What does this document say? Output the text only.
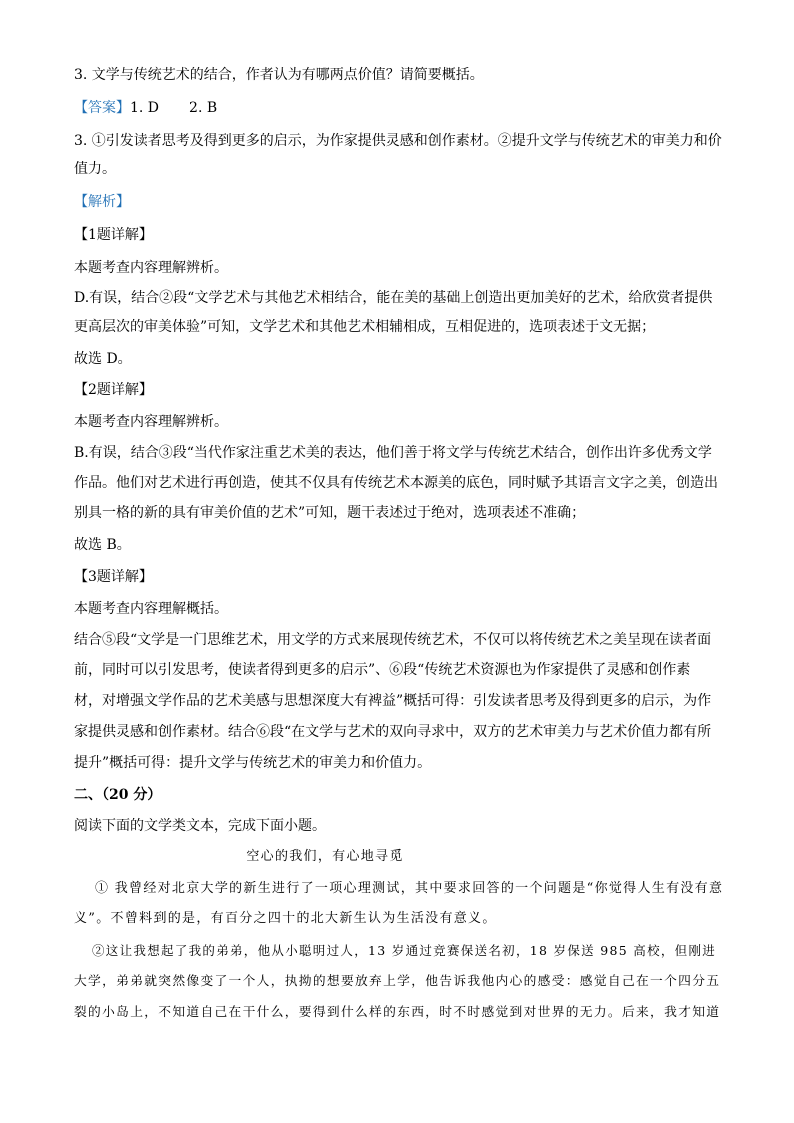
3. 文学与传统艺术的结合，作者认为有哪两点价值？请简要概括。
【答案】1. D 2. B
3. ①引发读者思考及得到更多的启示，为作家提供灵感和创作素材。②提升文学与传统艺术的审美力和价
值力。
【解析】
【1题详解】
本题考查内容理解辨析。
D.有误，结合②段“文学艺术与其他艺术相结合，能在美的基础上创造出更加美好的艺术，给欣赏者提供
更高层次的审美体验”可知，文学艺术和其他艺术相辅相成，互相促进的，选项表述于文无据；
故选 D。
【2题详解】
本题考查内容理解辨析。
B.有误，结合③段“当代作家注重艺术美的表达，他们善于将文学与传统艺术结合，创作出许多优秀文学
作品。他们对艺术进行再创造，使其不仅具有传统艺术本源美的底色，同时赋予其语言文字之美，创造出
别具一格的新的具有审美价值的艺术”可知，题干表述过于绝对，选项表述不准确；
故选 B。
【3题详解】
本题考查内容理解概括。
结合⑤段“文学是一门思维艺术，用文学的方式来展现传统艺术，不仅可以将传统艺术之美呈现在读者面
前，同时可以引发思考，使读者得到更多的启示”、⑥段“传统艺术资源也为作家提供了灵感和创作素
材，对增强文学作品的艺术美感与思想深度大有裨益”概括可得：引发读者思考及得到更多的启示，为作
家提供灵感和创作素材。结合⑥段“在文学与艺术的双向寻求中，双方的艺术审美力与艺术价值力都有所
提升”概括可得：提升文学与传统艺术的审美力和价值力。
二、（20 分）
阅读下面的文学类文本，完成下面小题。
空心的我们，有心地寻觅
① 我曾经对北京大学的新生进行了一项心理测试，其中要求回答的一个问题是“你觉得人生有没有意
义”。不曾料到的是，有百分之四十的北大新生认为生活没有意义。
②这让我想起了我的弟弟，他从小聪明过人，13 岁通过竞赛保送名初，18 岁保送 985 高校，但刚进
大学，弟弟就突然像变了一个人，执拗的想要放弃上学，他告诉我他内心的感受：感觉自己在一个四分五
裂的小岛上，不知道自己在干什么，要得到什么样的东西，时不时感觉到对世界的无力。后来，我才知道
